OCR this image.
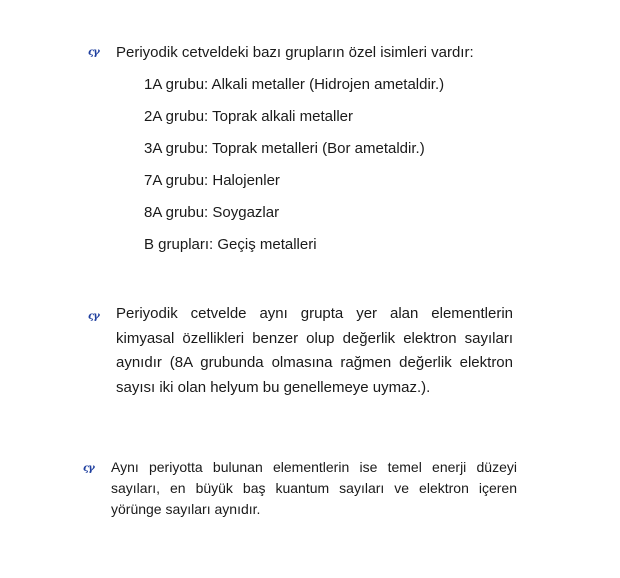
ςγ Periyodik cetveldeki bazı grupların özel isimleri vardır:
1A grubu: Alkali metaller (Hidrojen ametaldir.)
2A grubu: Toprak alkali metaller
3A grubu: Toprak metalleri (Bor ametaldir.)
7A grubu: Halojenler
8A grubu: Soygazlar
B grupları: Geçiş metalleri
ςγ Periyodik cetvelde aynı grupta yer alan elementlerin kimyasal özellikleri benzer olup değerlik elektron sayıları aynıdır (8A grubunda olmasına rağmen değerlik elektron sayısı iki olan helyum bu genellemeye uymaz.).
ςγ Aynı periyotta bulunan elementlerin ise temel enerji düzeyi sayıları, en büyük baş kuantum sayıları ve elektron içeren yörünge sayıları aynıdır.
